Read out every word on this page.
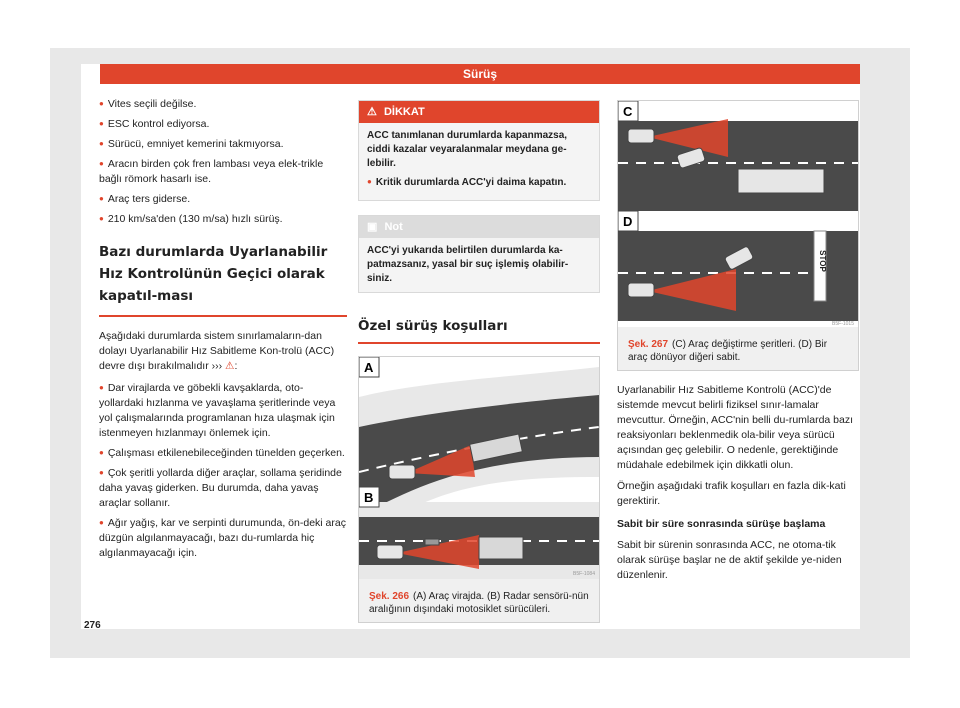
Sürüş
● Vites seçili değilse.
● ESC kontrol ediyorsa.
● Sürücü, emniyet kemerini takmıyorsa.
● Aracın birden çok fren lambası veya elek-trikle bağlı römork hasarlı ise.
● Araç ters giderse.
● 210 km/sa'den (130 m/sa) hızlı sürüş.
Bazı durumlarda Uyarlanabilir Hız Kontrolünün Geçici olarak kapatıl-ması
Aşağıdaki durumlarda sistem sınırlamaların-dan dolayı Uyarlanabilir Hız Sabitleme Kon-trolü (ACC) devre dışı bırakılmalıdır ››› ⚠:
● Dar virajlarda ve göbekli kavşaklarda, oto-yollardaki hızlanma ve yavaşlama şeritlerinde veya yol çalışmalarında programlanan hıza ulaşmak için istenmeyen hızlanmayı önlemek için.
● Çalışması etkilenebileceğinden tünelden geçerken.
● Çok şeritli yollarda diğer araçlar, sollama şeridinde daha yavaş giderken. Bu durumda, daha yavaş araçlar sollanır.
● Ağır yağış, kar ve serpinti durumunda, ön-deki araç düzgün algılanmayacağı, bazı du-rumlarda hiç algılanmayacağı için.
276
⚠ DİKKAT
ACC tanımlanan durumlarda kapanmazsa, ciddi kazalar veyaralanmalar meydana ge-lebilir.
● Kritik durumlarda ACC'yi daima kapatın.
▣ Not
ACC'yi yukarıda belirtilen durumlarda ka-patmazsanız, yasal bir suç işlemiş olabilir-siniz.
Özel sürüş koşulları
A
B
B5F-1084
Şek. 266 (A) Araç virajda. (B) Radar sensörü-nün aralığının dışındaki motosiklet sürücüleri.
C
STOP
D
B5F-1015
Şek. 267 (C) Araç değiştirme şeritleri. (D) Bir araç dönüyor diğeri sabit.
Uyarlanabilir Hız Sabitleme Kontrolü (ACC)'de sistemde mevcut belirli fiziksel sınır-lamalar mevcuttur. Örneğin, ACC'nin belli du-rumlarda bazı reaksiyonları beklenmedik ola-bilir veya sürücü açısından geç gelebilir. O nedenle, gerektiğinde müdahale edebilmek için dikkatli olun.
Örneğin aşağıdaki trafik koşulları en fazla dik-kati gerektirir.
Sabit bir süre sonrasında sürüşe başlama
Sabit bir sürenin sonrasında ACC, ne otoma-tik olarak sürüşe başlar ne de aktif şekilde ye-niden düzenlenir.
